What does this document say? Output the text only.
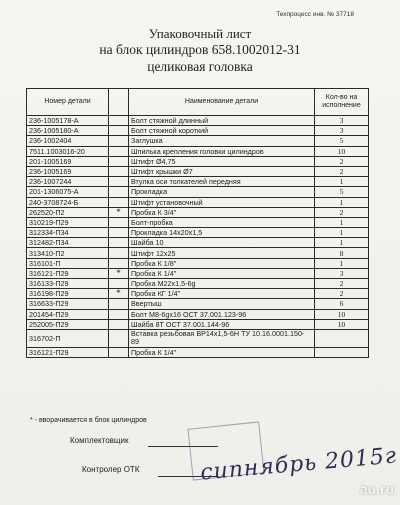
Техпроцесс инв. № 37718
Упаковочный лист
на блок цилиндров 658.1002012-31
целиковая головка
Номер детали		Наименование детали	Кол-во на исполнение
236-1005178-А		Болт стяжной длинный	3
236-1005180-А		Болт стяжной короткий	3
236-1002404		Заглушка	5
7511.1003016-20		Шпилька крепления головки цилиндров	10
201-1005169		Штифт Ø4,75	2
236-1005169		Штифт крышки Ø7	2
236-1007244		Втулка оси толкателей передняя	1
201-1306075-А		Прокладка	5
240-3708724-Б		Штифт установочный	1
262520-П2	*	Пробка К 3/4"	2
310219-П29		Болт-пробка	1
312334-П34		Прокладка 14х20х1,5	1
312482-П34		Шайба 10	1
313410-П2		Штифт 12х25	8
316101-П		Пробка К 1/8"	1
316121-П29	*	Пробка К 1/4"	3
316133-П29		Пробка М22х1,5-6g	2
316198-П29	*	Пробка КГ 1/4"	2
316633-П29		Ввертыш	6
201454-П29		Болт М8-6gх16 ОСТ 37.001.123-96	10
252005-П29		Шайба 8Т ОСТ 37.001.144-96	10
316702-П		Вставка резьбовая ВР14х1,5-6Н ТУ 10.16.0001.150-89	
316121-П29		Пробка К 1/4"	
* - вворачивается в блок цилиндров
Комплектовщик
Контролер ОТК	сипнябрь 2015г
au.ru
